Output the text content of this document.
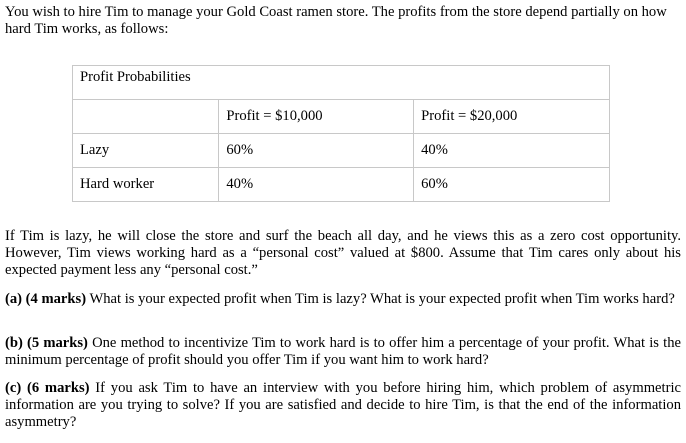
You wish to hire Tim to manage your Gold Coast ramen store. The profits from the store depend partially on how hard Tim works, as follows:

Profit Probabilities		
	Profit = $10,000	Profit = $20,000
Lazy	60%	40%
Hard worker	40%	60%

If Tim is lazy, he will close the store and surf the beach all day, and he views this as a zero cost opportunity. However, Tim views working hard as a “personal cost” valued at $800. Assume that Tim cares only about his expected payment less any “personal cost.”

(a) (4 marks) What is your expected profit when Tim is lazy? What is your expected profit when Tim works hard?

(b) (5 marks) One method to incentivize Tim to work hard is to offer him a percentage of your profit. What is the minimum percentage of profit should you offer Tim if you want him to work hard?

(c) (6 marks) If you ask Tim to have an interview with you before hiring him, which problem of asymmetric information are you trying to solve? If you are satisfied and decide to hire Tim, is that the end of the information asymmetry?
